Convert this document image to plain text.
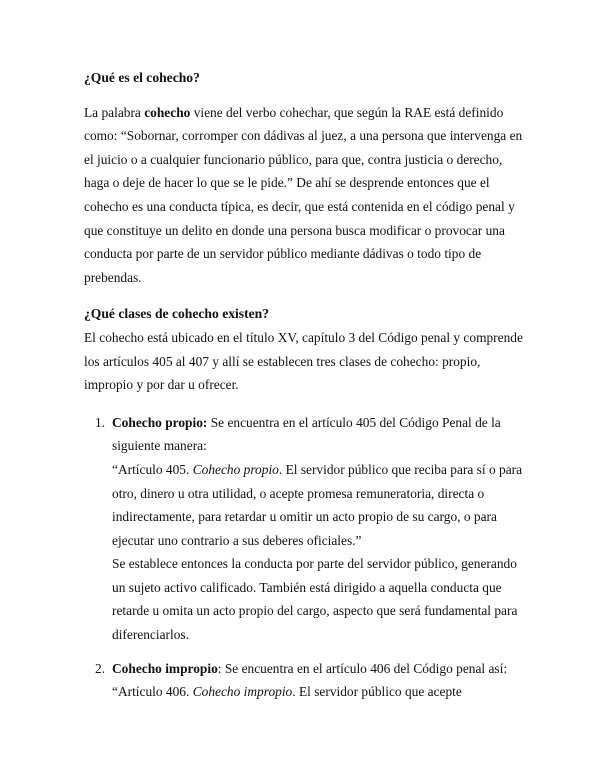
¿Qué es el cohecho?

La palabra cohecho viene del verbo cohechar, que según la RAE está definido como: “Sobornar, corromper con dádivas al juez, a una persona que intervenga en el juicio o a cualquier funcionario público, para que, contra justicia o derecho, haga o deje de hacer lo que se le pide.” De ahí se desprende entonces que el cohecho es una conducta típica, es decir, que está contenida en el código penal y que constituye un delito en donde una persona busca modificar o provocar una conducta por parte de un servidor público mediante dádivas o todo tipo de prebendas.

¿Qué clases de cohecho existen?

El cohecho está ubicado en el título XV, capítulo 3 del Código penal y comprende los artículos 405 al 407 y allí se establecen tres clases de cohecho: propio, impropio y por dar u ofrecer.

1. Cohecho propio: Se encuentra en el artículo 405 del Código Penal de la siguiente manera:
“Artículo 405. Cohecho propio. El servidor público que reciba para sí o para otro, dinero u otra utilidad, o acepte promesa remuneratoria, directa o indirectamente, para retardar u omitir un acto propio de su cargo, o para ejecutar uno contrario a sus deberes oficiales.”
Se establece entonces la conducta por parte del servidor público, generando un sujeto activo calificado. También está dirigido a aquella conducta que retarde u omita un acto propio del cargo, aspecto que será fundamental para diferenciarlos.
2. Cohecho impropio: Se encuentra en el artículo 406 del Código penal así: “Artículo 406. Cohecho impropio. El servidor público que acepte
